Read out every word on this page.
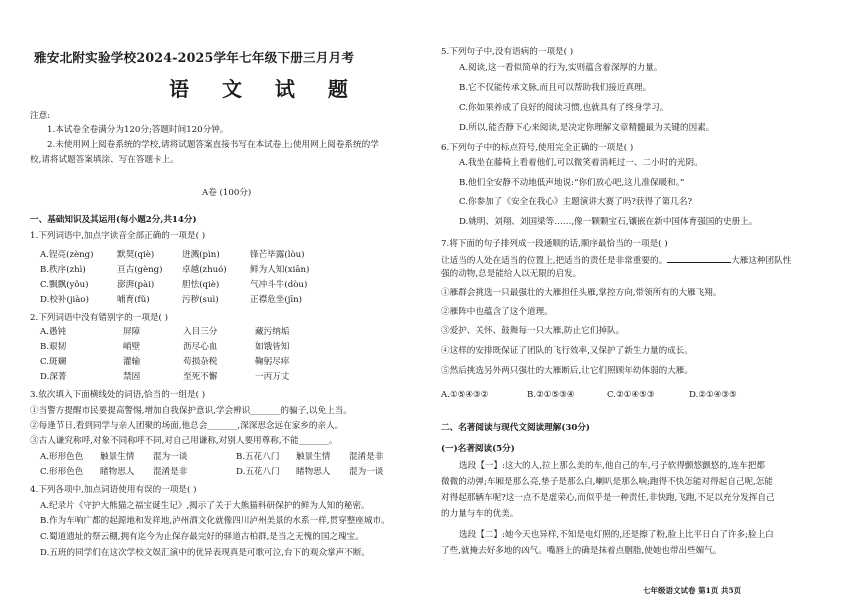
雅安北附实验学校2024-2025学年七年级下册三月月考
语 文 试 题
注意:
1.本试卷全卷满分为120分;答题时间120分钟。
2.未使用网上阅卷系统的学校,请将试题答案直接书写在本试卷上;使用网上阅卷系统的学
校,请将试题答案填涂、写在答题卡上。
A卷 (100分)
一、基础知识及其运用(每小题2分,共14分)
1.下列词语中,加点字读音全部正确的一项是( )
A.锃亮(zèng)	默契(qiè)	迸溅(pìn)	锋芒毕露(lòu)
B.秩序(zhì)	亘古(gèng) 卓越(zhuó)	鲜为人知(xiān)
C.飘飘(yǒu)	澎湃(pài)	胆怯(qiè)	气冲斗牛(dòu)
D.校补(jiào)	哺育(fǔ)	污秽(suì)	正襟危坐(jīn)
2.下列词语中没有错别字的一项是( )
A.愚钝	屏障	入目三分	藏污纳垢
B.艰韧	峭壁	沥尽心血	如饿皆知
C.斑斓	灌输	苟损杂税	鞠躬尽瘁
D.深菁	禁固	至死不懈	一丙万丈
3.依次填入下面横线处的词语,恰当的一组是( )
①当警方提醒市民要提高警惕,增加自我保护意识,学会辨识_______的骗子,以免上当。
②每逢节日,看到同学与亲人团聚的场面,他总会_______,深深思念远在家乡的亲人。
③古人谦究称呼,对象不同称呼不同,对自己用谦称,对别人要用尊称,不能_______。
A.形形色色 触景生情 混为一谈	B.五花八门 触景生情 混淆是非
C.形形色色 睹物思人 混淆是非	D.五花八门 睹物思人 混为一谈
4.下列各项中,加点词语使用有误的一项是( )
A.纪录片《守护大熊猫之福宝诞生记》,揭示了关于大熊猫科研保护的鲜为人知的秘密。
B.作为车响广都的起源地和发祥地,泸州酒文化就像四川泸州美景的水系一样,贯穿整座城市。
C.蜀道遗址的祭云棚,拥有迄今为止保存最完好的驿道古柏群,是当之无愧的国之瑰宝。
D.五班的同学们在这次学校文娱汇演中的优异表现真是可歌可泣,台下的观众掌声不断。
5.下列句子中,没有语病的一项是( )
A.阅读,这一看似简单的行为,实则蕴含着深厚的力量。
B.它不仅能传承文脉,而且可以帮助我们接近真理。
C.你如果养成了良好的阅读习惯,也就具有了终身学习。
D.所以,能否静下心来阅读,是决定你理解文章精髓最为关键的因素。
6.下列句子中的标点符号,使用完全正确的一项是( )
A.我坐在藤椅上看着他们,可以微笑着消耗过一、二小时的光阴。
B.他们全安静不动地低声地说:“你们放心吧,这儿准保暖和。”
C.你参加了《安全在我心》主题演讲大赛了吗?获得了第几名?
D.姚明、刘翔、刘国梁等……,像一颗颗宝石,镶嵌在新中国体育强国的史册上。
7.将下面的句子排列成一段通顺的话,顺序最恰当的一项是( )
让适当的人处在适当的位置上,把适当的责任是非常重要的。	大雁这种团队性
强的动物,总是能给人以无限的启发。
①雁群会挑选一只最强壮的大雁担任头雁,掌控方向,带领所有的大雁飞翔。
②雁阵中也蕴含了这个道理。
③爱护、关怀、鼓舞每一只大雁,防止它们掉队。
④这样的安排既保证了团队的飞行效率,又保护了新生力量的成长。
⑤然后挑选另外两只强壮的大雁断后,让它们照顾年幼体弱的大雁。
A.①⑤④③②	B.②①⑤③④	C.②①④⑤③	D.②①④③⑤
二、名著阅读与现代文阅读理解(30分)
(一)名著阅读(5分)
选段【一】:这大的人,拉上那么美的车,他自己的车,弓子软得颤悠颤悠的,连车把都
微微的动弹;车厢是那么亮,垫子是那么白,喇叭是那么响;跑得不快怎能对得起自己呢,怎能
对得起那辆车呢?这一点不是虚荣心,而似乎是一种责任,非快跑,飞跑,不足以充分发挥自己
的力量与车的优美。
选段【二】:她今天也异样,不知是电灯照的,还是擦了粉,脸上比平日白了许多;脸上白
了些,就掩去好多地的凶气。嘴唇上的确是抹着点胭脂,使她也带出些媚气。
七年级语文试卷 第1页 共5页
